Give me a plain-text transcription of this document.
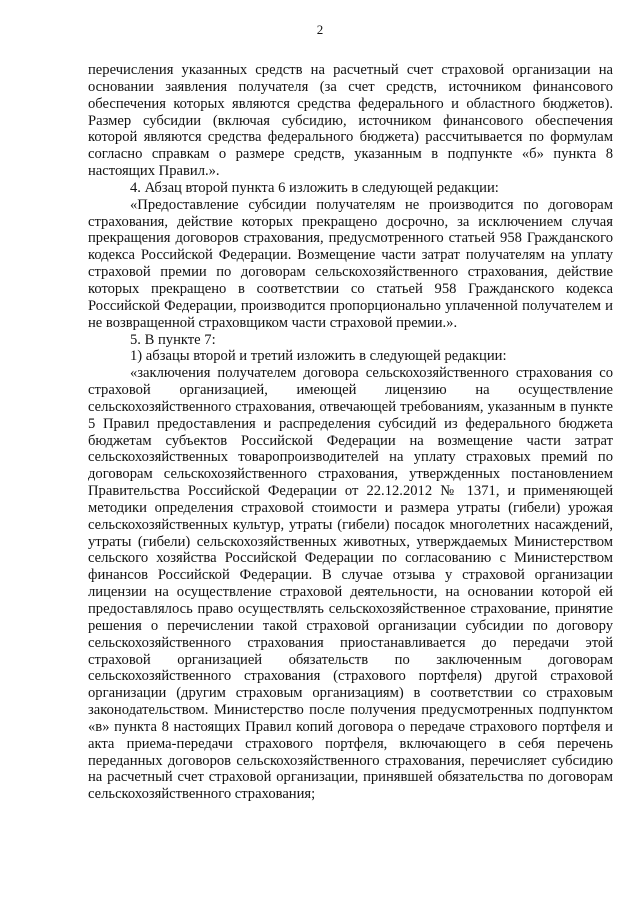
2

перечисления указанных средств на расчетный счет страховой организации на основании заявления получателя (за счет средств, источником финансового обеспечения которых являются средства федерального и областного бюджетов). Размер субсидии (включая субсидию, источником финансового обеспечения которой являются средства федерального бюджета) рассчитывается по формулам согласно справкам о размере средств, указанным в подпункте «б» пункта 8 настоящих Правил.».

4. Абзац второй пункта 6 изложить в следующей редакции:

«Предоставление субсидии получателям не производится по договорам страхования, действие которых прекращено досрочно, за исключением случая прекращения договоров страхования, предусмотренного статьей 958 Гражданского кодекса Российской Федерации. Возмещение части затрат получателям на уплату страховой премии по договорам сельскохозяйственного страхования, действие которых прекращено в соответствии со статьей 958 Гражданского кодекса Российской Федерации, производится пропорционально уплаченной получателем и не возвращенной страховщиком части страховой премии.».

5. В пункте 7:

1) абзацы второй и третий изложить в следующей редакции:

«заключения получателем договора сельскохозяйственного страхования со страховой организацией, имеющей лицензию на осуществление сельскохозяйственного страхования, отвечающей требованиям, указанным в пункте 5 Правил предоставления и распределения субсидий из федерального бюджета бюджетам субъектов Российской Федерации на возмещение части затрат сельскохозяйственных товаропроизводителей на уплату страховых премий по договорам сельскохозяйственного страхования, утвержденных постановлением Правительства Российской Федерации от 22.12.2012 № 1371, и применяющей методики определения страховой стоимости и размера утраты (гибели) урожая сельскохозяйственных культур, утраты (гибели) посадок многолетних насаждений, утраты (гибели) сельскохозяйственных животных, утверждаемых Министерством сельского хозяйства Российской Федерации по согласованию с Министерством финансов Российской Федерации. В случае отзыва у страховой организации лицензии на осуществление страховой деятельности, на основании которой ей предоставлялось право осуществлять сельскохозяйственное страхование, принятие решения о перечислении такой страховой организации субсидии по договору сельскохозяйственного страхования приостанавливается до передачи этой страховой организацией обязательств по заключенным договорам сельскохозяйственного страхования (страхового портфеля) другой страховой организации (другим страховым организациям) в соответствии со страховым законодательством. Министерство после получения предусмотренных подпунктом «в» пункта 8 настоящих Правил копий договора о передаче страхового портфеля и акта приема-передачи страхового портфеля, включающего в себя перечень переданных договоров сельскохозяйственного страхования, перечисляет субсидию на расчетный счет страховой организации, принявшей обязательства по договорам сельскохозяйственного страхования;
